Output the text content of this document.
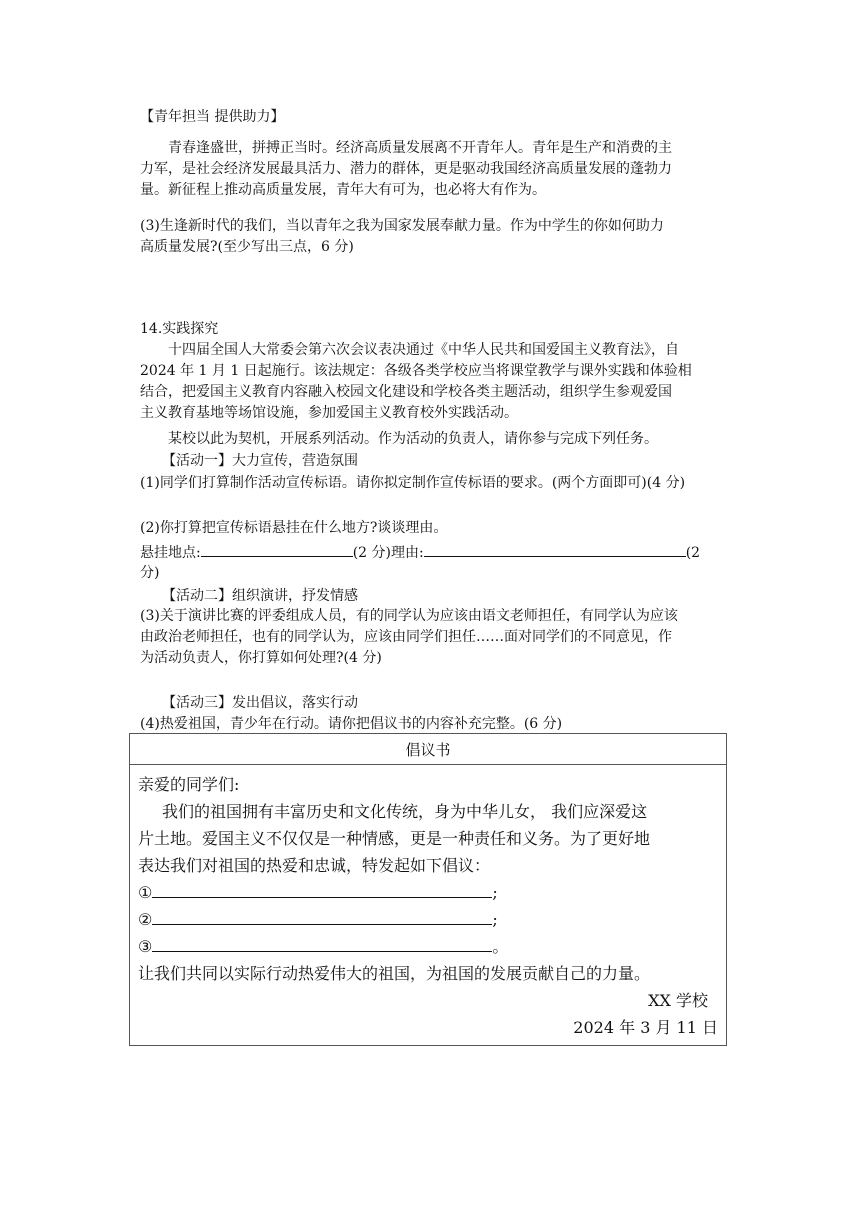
【青年担当 提供助力】
青春逢盛世，拼搏正当时。经济高质量发展离不开青年人。青年是生产和消费的主
力军，是社会经济发展最具活力、潜力的群体，更是驱动我国经济高质量发展的蓬勃力
量。新征程上推动高质量发展，青年大有可为，也必将大有作为。
(3)生逢新时代的我们，当以青年之我为国家发展奉献力量。作为中学生的你如何助力
高质量发展?(至少写出三点，6 分)
14.实践探究
十四届全国人大常委会第六次会议表决通过《中华人民共和国爱国主义教育法》，自
2024 年 1 月 1 日起施行。该法规定：各级各类学校应当将课堂教学与课外实践和体验相
结合，把爱国主义教育内容融入校园文化建设和学校各类主题活动，组织学生参观爱国
主义教育基地等场馆设施，参加爱国主义教育校外实践活动。
某校以此为契机，开展系列活动。作为活动的负责人，请你参与完成下列任务。
【活动一】大力宣传，营造氛围
(1)同学们打算制作活动宣传标语。请你拟定制作宣传标语的要求。(两个方面即可)(4 分)
(2)你打算把宣传标语悬挂在什么地方?谈谈理由。
悬挂地点:	(2 分)理由:	(2
分)
【活动二】组织演讲，抒发情感
(3)关于演讲比赛的评委组成人员，有的同学认为应该由语文老师担任，有同学认为应该
由政治老师担任，也有的同学认为，应该由同学们担任……面对同学们的不同意见，作
为活动负责人，你打算如何处理?(4 分)
【活动三】发出倡议，落实行动
(4)热爱祖国，青少年在行动。请你把倡议书的内容补充完整。(6 分)
倡议书

亲爱的同学们:
我们的祖国拥有丰富历史和文化传统，身为中华儿女， 我们应深爱这
片土地。爱国主义不仅仅是一种情感，更是一种责任和义务。为了更好地
表达我们对祖国的热爱和忠诚，特发起如下倡议：
①	;
②	;
③	。
让我们共同以实际行动热爱伟大的祖国，为祖国的发展贡献自己的力量。
XX 学校
2024 年 3 月 11 日
